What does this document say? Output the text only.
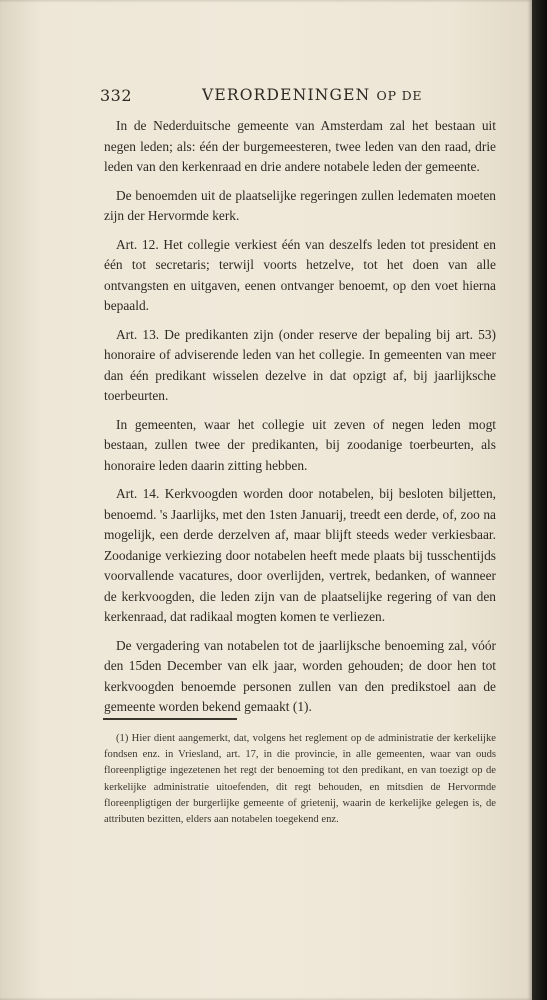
332	VERORDENINGEN OP DE

In de Nederduitsche gemeente van Amsterdam zal het bestaan uit negen leden; als: één der burgemeesteren, twee leden van den raad, drie leden van den kerkenraad en drie andere notabele leden der gemeente.

De benoemden uit de plaatselijke regeringen zullen ledematen moeten zijn der Hervormde kerk.

Art. 12. Het collegie verkiest één van deszelfs leden tot president en één tot secretaris; terwijl voorts hetzelve, tot het doen van alle ontvangsten en uitgaven, eenen ontvanger benoemt, op den voet hierna bepaald.

Art. 13. De predikanten zijn (onder reserve der bepaling bij art. 53) honoraire of adviserende leden van het collegie. In gemeenten van meer dan één predikant wisselen dezelve in dat opzigt af, bij jaarlijksche toerbeurten.

In gemeenten, waar het collegie uit zeven of negen leden mogt bestaan, zullen twee der predikanten, bij zoodanige toerbeurten, als honoraire leden daarin zitting hebben.

Art. 14. Kerkvoogden worden door notabelen, bij besloten biljetten, benoemd. 's Jaarlijks, met den 1sten Januarij, treedt een derde, of, zoo na mogelijk, een derde derzelven af, maar blijft steeds weder verkiesbaar. Zoodanige verkiezing door notabelen heeft mede plaats bij tusschentijds voorvallende vacatures, door overlijden, vertrek, bedanken, of wanneer de kerkvoogden, die leden zijn van de plaatselijke regering of van den kerkenraad, dat radikaal mogten komen te verliezen.

De vergadering van notabelen tot de jaarlijksche benoeming zal, vóór den 15den December van elk jaar, worden gehouden; de door hen tot kerkvoogden benoemde personen zullen van den predikstoel aan de gemeente worden bekend gemaakt (1).

(1) Hier dient aangemerkt, dat, volgens het reglement op de administratie der kerkelijke fondsen enz. in Vriesland, art. 17, in die provincie, in alle gemeenten, waar van ouds floreenpligtige ingezetenen het regt der benoeming tot den predikant, en van toezigt op de kerkelijke administratie uitoefenden, dit regt behouden, en mitsdien de Hervormde floreenpligtigen der burgerlijke gemeente of grietenij, waarin de kerkelijke gelegen is, de attributen bezitten, elders aan notabelen toegekend enz.
